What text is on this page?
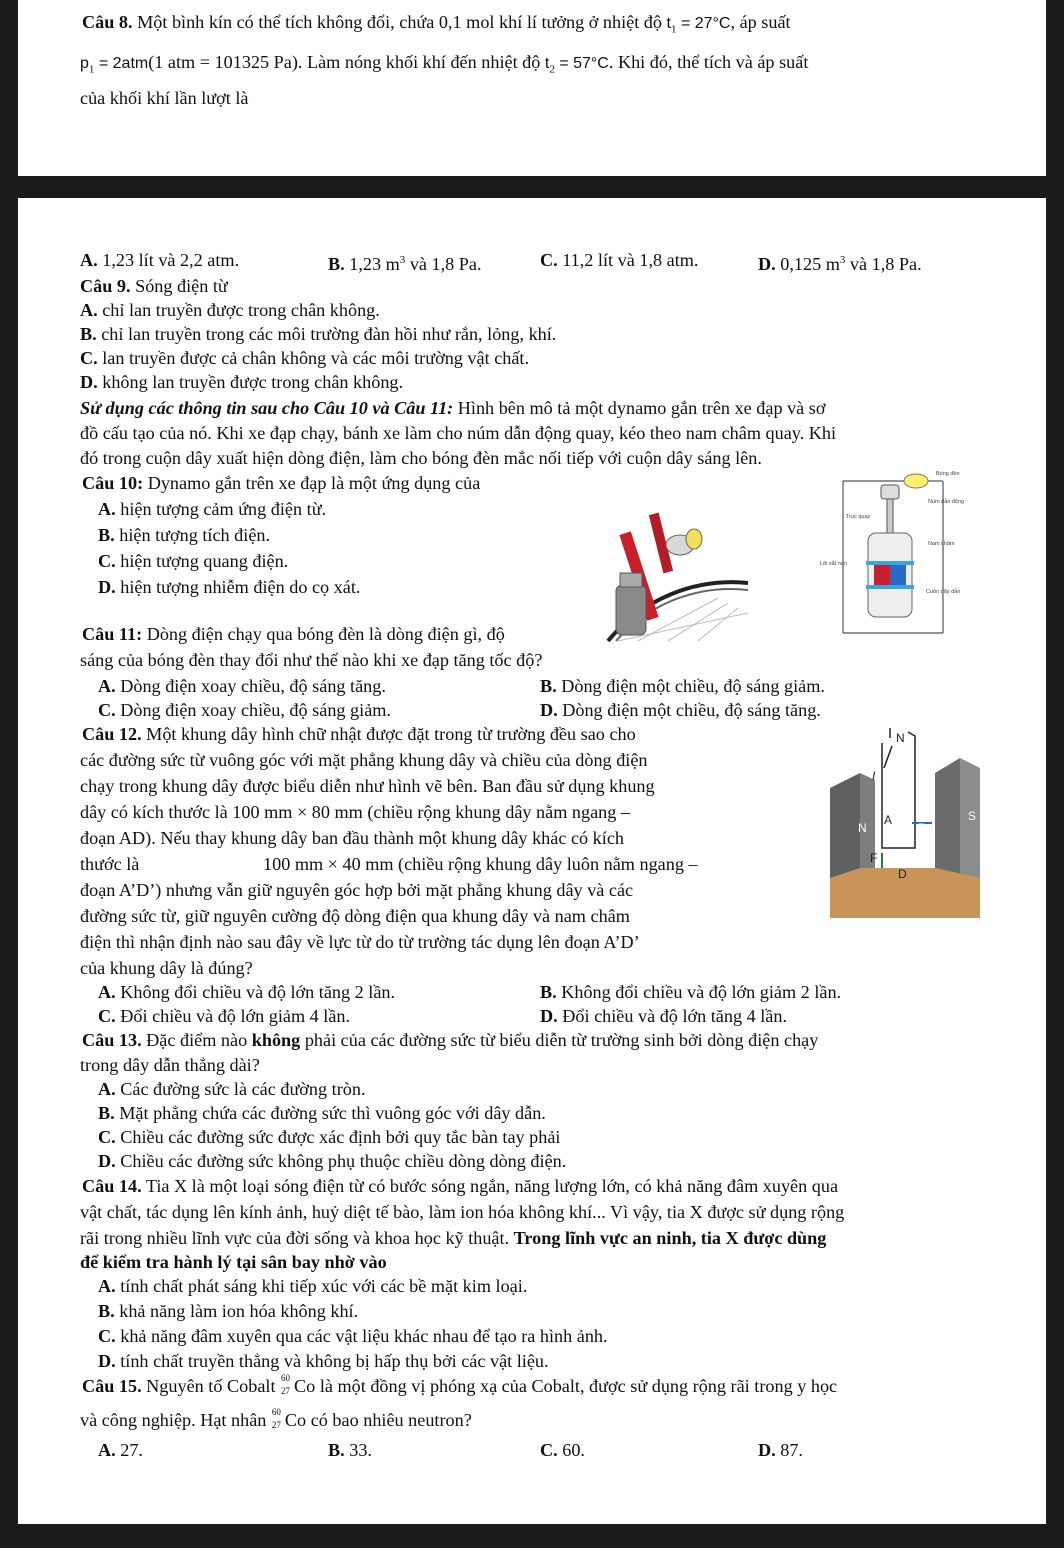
Câu 8. Một bình kín có thể tích không đổi, chứa 0,1 mol khí lí tưởng ở nhiệt độ $t_1 = 27^\circ C$, áp suất
$p_1 = 2atm(1$ atm = 101325 Pa). Làm nóng khối khí đến nhiệt độ $t_2 = 57^\circ C$. Khi đó, thể tích và áp suất
của khối khí lần lượt là
A. 1,23 lít và 2,2 atm.	B. 1,23 $m^3$ và 1,8 Pa.	C. 11,2 lít và 1,8 atm.	D. 0,125 $m^3$ và 1,8 Pa.
Câu 9. Sóng điện từ
A. chỉ lan truyền được trong chân không.
B. chỉ lan truyền trong các môi trường đàn hồi như rắn, lỏng, khí.
C. lan truyền được cả chân không và các môi trường vật chất.
D. không lan truyền được trong chân không.
Sử dụng các thông tin sau cho Câu 10 và Câu 11: Hình bên mô tả một dynamo gắn trên xe đạp và sơ
đồ cấu tạo của nó. Khi xe đạp chạy, bánh xe làm cho núm dẫn động quay, kéo theo nam châm quay. Khi
đó trong cuộn dây xuất hiện dòng điện, làm cho bóng đèn mắc nối tiếp với cuộn dây sáng lên.
Câu 10: Dynamo gắn trên xe đạp là một ứng dụng của
A. hiện tượng cảm ứng điện từ.
B. hiện tượng tích điện.
C. hiện tượng quang điện.
D. hiện tượng nhiễm điện do cọ xát.
Bóng đèn
Núm dẫn động
Trục quay
Lõi sắt non
Nam châm
Cuộn dây dẫn
Câu 11: Dòng điện chạy qua bóng đèn là dòng điện gì, độ
sáng của bóng đèn thay đổi như thế nào khi xe đạp tăng tốc độ?
A. Dòng điện xoay chiều, độ sáng tăng.	B. Dòng điện một chiều, độ sáng giảm.
C. Dòng điện xoay chiều, độ sáng giảm.	D. Dòng điện một chiều, độ sáng tăng.
Câu 12. Một khung dây hình chữ nhật được đặt trong từ trường đều sao cho
các đường sức từ vuông góc với mặt phẳng khung dây và chiều của dòng điện
chạy trong khung dây được biểu diễn như hình vẽ bên. Ban đầu sử dụng khung
dây có kích thước là 100 mm × 80 mm (chiều rộng khung dây nằm ngang –
đoạn AD). Nếu thay khung dây ban đầu thành một khung dây khác có kích
thước là	100 mm × 40 mm (chiều rộng khung dây luôn nằm ngang –
đoạn A’D’) nhưng vẫn giữ nguyên góc hợp bởi mặt phẳng khung dây và các
đường sức từ, giữ nguyên cường độ dòng điện qua khung dây và nam châm
điện thì nhận định nào sau đây về lực từ do từ trường tác dụng lên đoạn A’D’
của khung dây là đúng?
A. Không đổi chiều và độ lớn tăng 2 lần.	B. Không đổi chiều và độ lớn giảm 2 lần.
C. Đổi chiều và độ lớn giảm 4 lần.	D. Đổi chiều và độ lớn tăng 4 lần.
N
I
N
A
B
S
F
D
Câu 13. Đặc điểm nào không phải của các đường sức từ biểu diễn từ trường sinh bởi dòng điện chạy
trong dây dẫn thẳng dài?
A. Các đường sức là các đường tròn.
B. Mặt phẳng chứa các đường sức thì vuông góc với dây dẫn.
C. Chiều các đường sức được xác định bởi quy tắc bàn tay phải
D. Chiều các đường sức không phụ thuộc chiều dòng dòng điện.
Câu 14. Tia X là một loại sóng điện từ có bước sóng ngắn, năng lượng lớn, có khả năng đâm xuyên qua
vật chất, tác dụng lên kính ảnh, huỷ diệt tế bào, làm ion hóa không khí... Vì vậy, tia X được sử dụng rộng
rãi trong nhiều lĩnh vực của đời sống và khoa học kỹ thuật. Trong lĩnh vực an ninh, tia X được dùng
để kiểm tra hành lý tại sân bay nhờ vào
A. tính chất phát sáng khi tiếp xúc với các bề mặt kim loại.
B. khả năng làm ion hóa không khí.
C. khả năng đâm xuyên qua các vật liệu khác nhau để tạo ra hình ảnh.
D. tính chất truyền thẳng và không bị hấp thụ bởi các vật liệu.
Câu 15. Nguyên tố Cobalt 60
27 Co là một đồng vị phóng xạ của Cobalt, được sử dụng rộng rãi trong y học
và công nghiệp. Hạt nhân 60
27 Co có bao nhiêu neutron?
A. 27.	B. 33.	C. 60.	D. 87.
